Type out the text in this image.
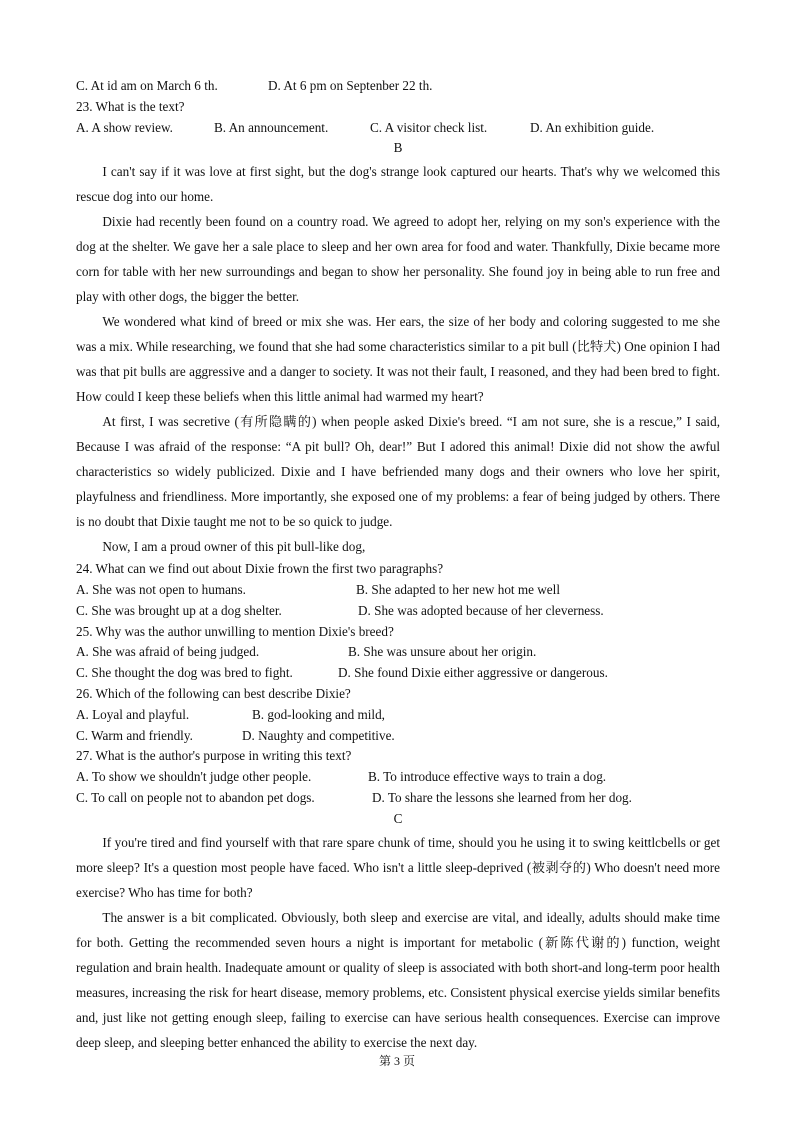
C. At id am on March 6 th.	D. At 6 pm on Septenber 22 th.
23. What is the text?
A. A show review.	B. An announcement.	C. A visitor check list.	D. An exhibition guide.
B

I can't say if it was love at first sight, but the dog's strange look captured our hearts. That's why we welcomed this rescue dog into our home.

Dixie had recently been found on a country road. We agreed to adopt her, relying on my son's experience with the dog at the shelter. We gave her a sale place to sleep and her own area for food and water. Thankfully, Dixie became more corn for table with her new surroundings and began to show her personality. She found joy in being able to run free and play with other dogs, the bigger the better.

We wondered what kind of breed or mix she was. Her ears, the size of her body and coloring suggested to me she was a mix. While researching, we found that she had some characteristics similar to a pit bull (比特犬) One opinion I had was that pit bulls are aggressive and a danger to society. It was not their fault, I reasoned, and they had been bred to fight. How could I keep these beliefs when this little animal had warmed my heart?

At first, I was secretive (有所隐瞒的) when people asked Dixie's breed. “I am not sure, she is a rescue,” I said, Because I was afraid of the response: “A pit bull? Oh, dear!” But I adored this animal! Dixie did not show the awful characteristics so widely publicized. Dixie and I have befriended many dogs and their owners who love her spirit, playfulness and friendliness. More importantly, she exposed one of my problems: a fear of being judged by others. There is no doubt that Dixie taught me not to be so quick to judge.

Now, I am a proud owner of this pit bull-like dog,

24. What can we find out about Dixie frown the first two paragraphs?
A. She was not open to humans.	B. She adapted to her new hot me well
C. She was brought up at a dog shelter.	D. She was adopted because of her cleverness.
25. Why was the author unwilling to mention Dixie's breed?
A. She was afraid of being judged.	B. She was unsure about her origin.
C. She thought the dog was bred to fight.	D. She found Dixie either aggressive or dangerous.
26. Which of the following can best describe Dixie?
A. Loyal and playful.	B. god-looking and mild,
C. Warm and friendly.	D. Naughty and competitive.
27. What is the author's purpose in writing this text?
A. To show we shouldn't judge other people.	B. To introduce effective ways to train a dog.
C. To call on people not to abandon pet dogs.	D. To share the lessons she learned from her dog.
C

If you're tired and find yourself with that rare spare chunk of time, should you he using it to swing keittlcbells or get more sleep? It's a question most people have faced. Who isn't a little sleep-deprived (被剥夺的) Who doesn't need more exercise? Who has time for both?

The answer is a bit complicated. Obviously, both sleep and exercise are vital, and ideally, adults should make time for both. Getting the recommended seven hours a night is important for metabolic (新陈代谢的) function, weight regulation and brain health. Inadequate amount or quality of sleep is associated with both short-and long-term poor health measures, increasing the risk for heart disease, memory problems, etc. Consistent physical exercise yields similar benefits and, just like not getting enough sleep, failing to exercise can have serious health consequences. Exercise can improve deep sleep, and sleeping better enhanced the ability to exercise the next day.

第 3 页
